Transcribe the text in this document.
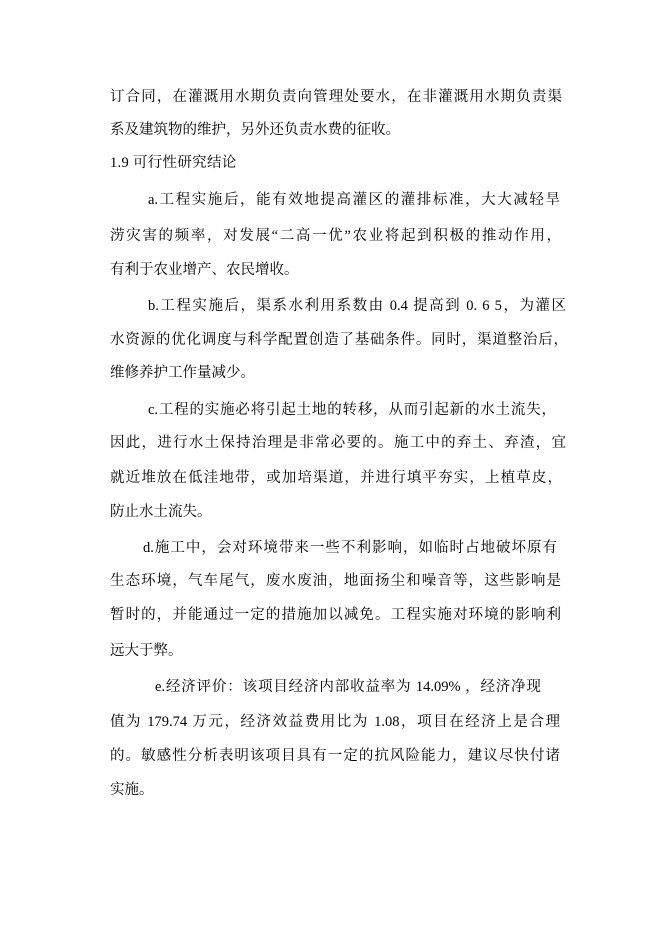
订合同，在灌溉用水期负责向管理处要水，在非灌溉用水期负责渠
系及建筑物的维护，另外还负责水费的征收。
1.9 可行性研究结论
a.工程实施后，能有效地提高灌区的灌排标准，大大减轻旱
涝灾害的频率，对发展“二高一优”农业将起到积极的推动作用，
有利于农业增产、农民增收。
b.工程实施后，渠系水利用系数由 0.4 提高到 0. 6 5，为灌区
水资源的优化调度与科学配置创造了基础条件。同时，渠道整治后，
维修养护工作量减少。
c.工程的实施必将引起土地的转移，从而引起新的水土流失，
因此，进行水土保持治理是非常必要的。施工中的弃土、弃渣，宜
就近堆放在低洼地带，或加培渠道，并进行填平夯实，上植草皮，
防止水土流失。
d.施工中，会对环境带来一些不利影响，如临时占地破坏原有
生态环境，气车尾气，废水废油，地面扬尘和噪音等，这些影响是
暂时的，并能通过一定的措施加以减免。工程实施对环境的影响利
远大于弊。
e.经济评价：该项目经济内部收益率为 14.09% ，经济净现
值为 179.74 万元，经济效益费用比为 1.08，项目在经济上是合理
的。敏感性分析表明该项目具有一定的抗风险能力，建议尽快付诸
实施。
